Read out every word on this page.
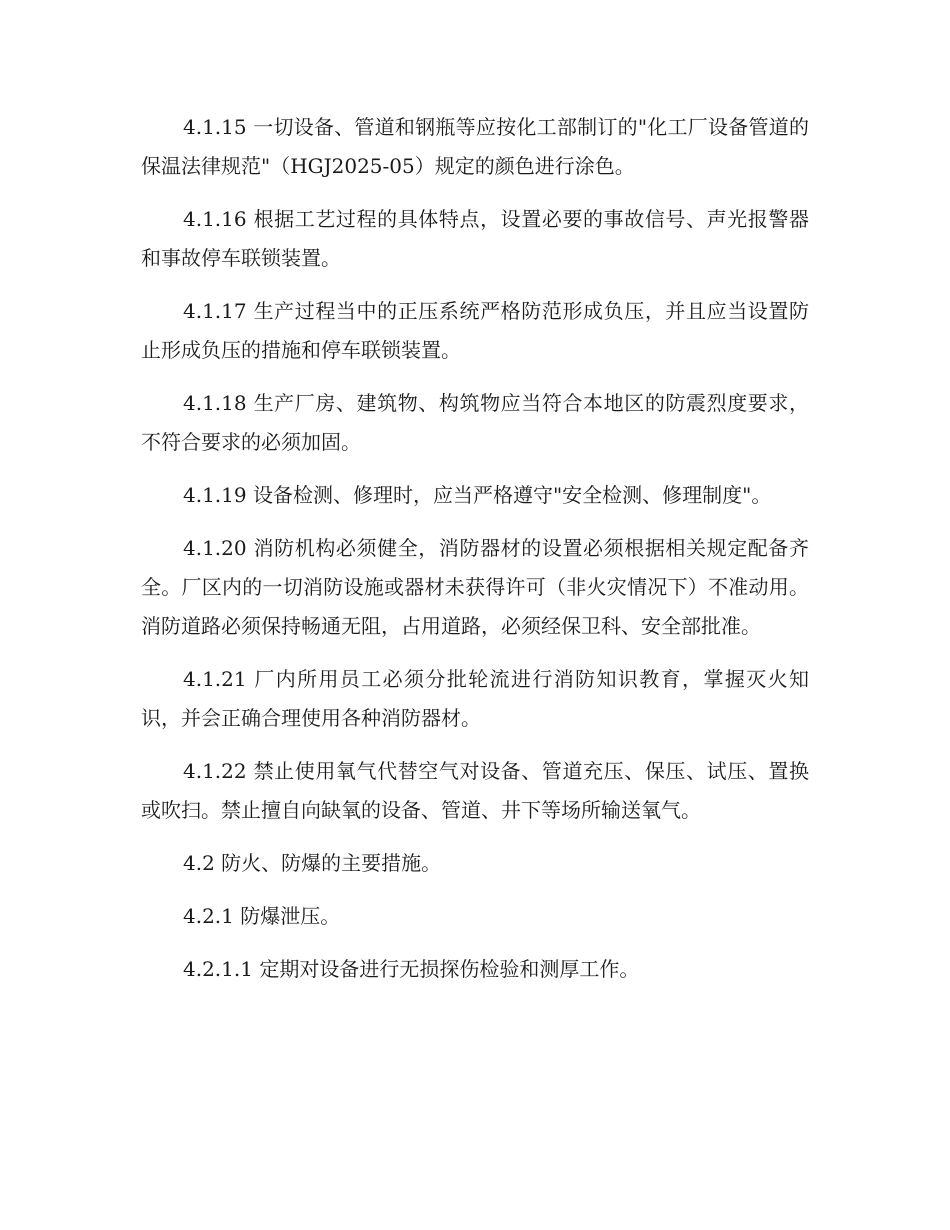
4.1.15 一切设备、管道和钢瓶等应按化工部制订的"化工厂设备管道的保温法律规范"（HGJ2025-05）规定的颜色进行涂色。

4.1.16 根据工艺过程的具体特点，设置必要的事故信号、声光报警器和事故停车联锁装置。

4.1.17 生产过程当中的正压系统严格防范形成负压，并且应当设置防止形成负压的措施和停车联锁装置。

4.1.18 生产厂房、建筑物、构筑物应当符合本地区的防震烈度要求，不符合要求的必须加固。

4.1.19 设备检测、修理时，应当严格遵守"安全检测、修理制度"。

4.1.20 消防机构必须健全，消防器材的设置必须根据相关规定配备齐全。厂区内的一切消防设施或器材未获得许可（非火灾情况下）不准动用。消防道路必须保持畅通无阻，占用道路，必须经保卫科、安全部批准。

4.1.21 厂内所用员工必须分批轮流进行消防知识教育，掌握灭火知识，并会正确合理使用各种消防器材。

4.1.22 禁止使用氧气代替空气对设备、管道充压、保压、试压、置换或吹扫。禁止擅自向缺氧的设备、管道、井下等场所输送氧气。

4.2 防火、防爆的主要措施。

4.2.1 防爆泄压。

4.2.1.1 定期对设备进行无损探伤检验和测厚工作。
